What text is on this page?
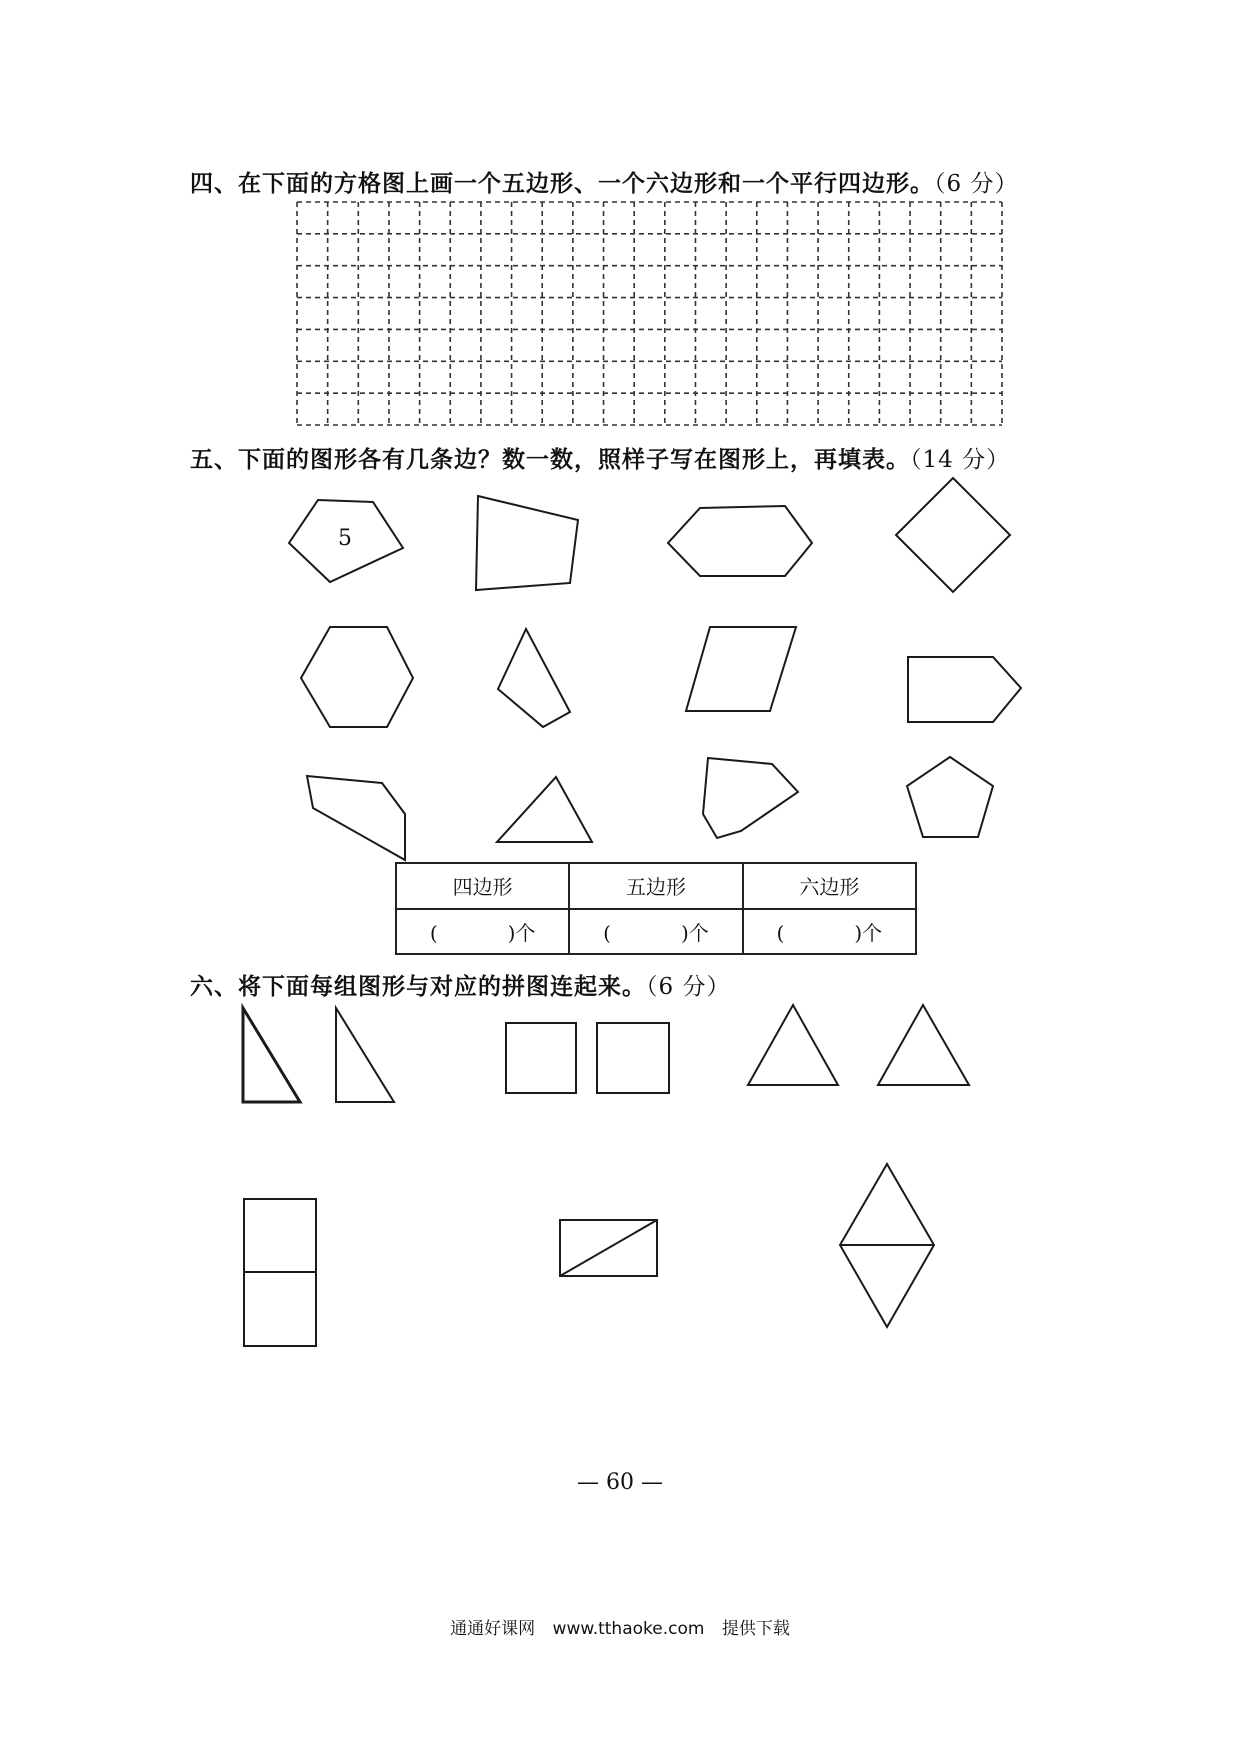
四、在下面的方格图上画一个五边形、一个六边形和一个平行四边形。（6 分）
五、下面的图形各有几条边？数一数，照样子写在图形上，再填表。（14 分）
5
四边形	五边形	六边形
( )个	( )个	( )个
六、将下面每组图形与对应的拼图连起来。（6 分）
— 60 —
通通好课网 www.tthaoke.com 提供下载
